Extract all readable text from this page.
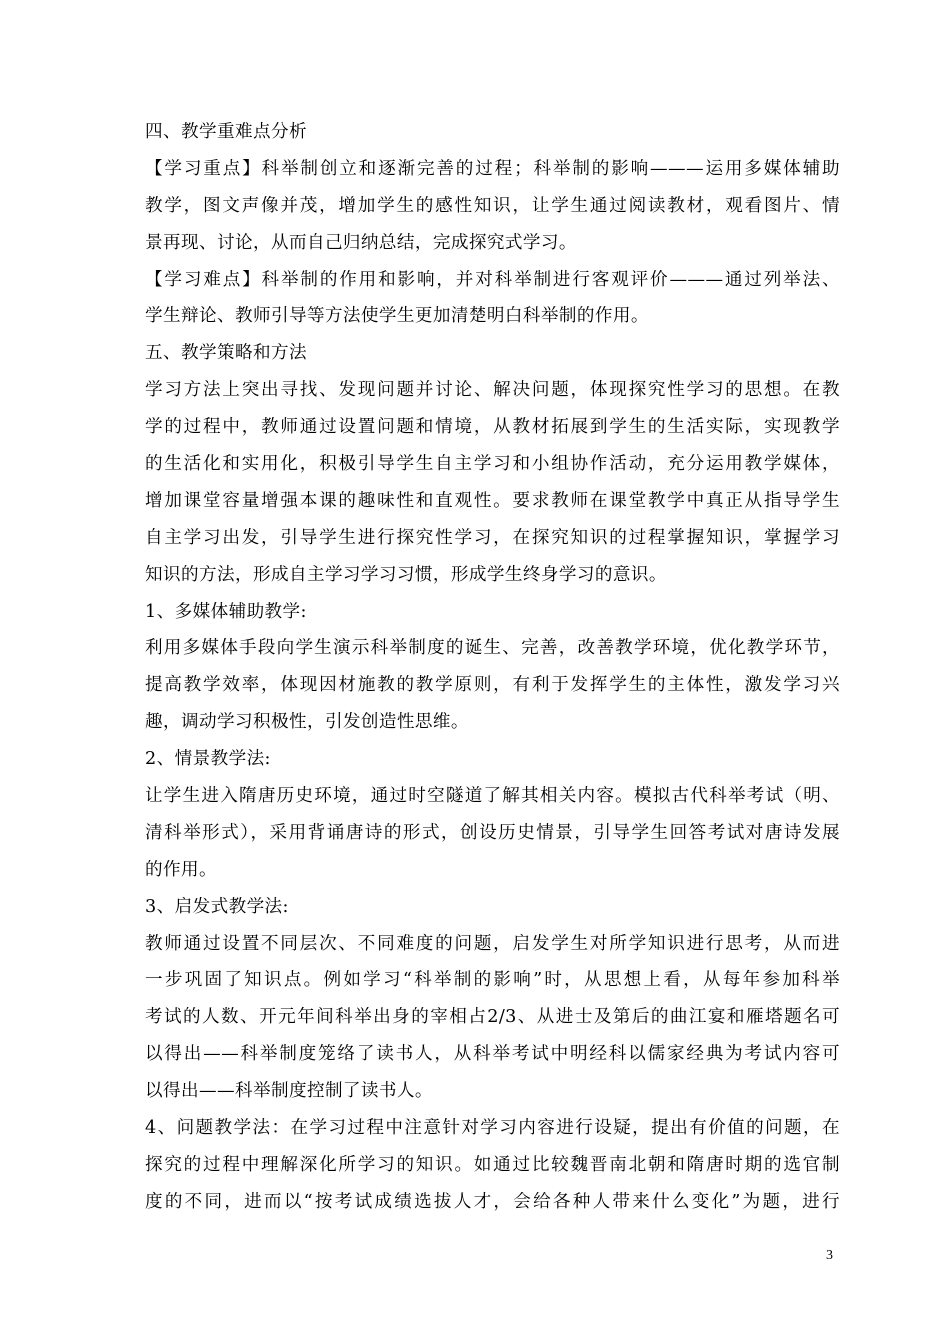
四、教学重难点分析
【学习重点】科举制创立和逐渐完善的过程；科举制的影响———运用多媒体辅助
教学，图文声像并茂，增加学生的感性知识，让学生通过阅读教材，观看图片、情
景再现、讨论，从而自己归纳总结，完成探究式学习。
【学习难点】科举制的作用和影响，并对科举制进行客观评价———通过列举法、
学生辩论、教师引导等方法使学生更加清楚明白科举制的作用。
五、教学策略和方法
学习方法上突出寻找、发现问题并讨论、解决问题，体现探究性学习的思想。在教
学的过程中，教师通过设置问题和情境，从教材拓展到学生的生活实际，实现教学
的生活化和实用化，积极引导学生自主学习和小组协作活动，充分运用教学媒体，
增加课堂容量增强本课的趣味性和直观性。要求教师在课堂教学中真正从指导学生
自主学习出发，引导学生进行探究性学习，在探究知识的过程掌握知识，掌握学习
知识的方法，形成自主学习学习习惯，形成学生终身学习的意识。
1、多媒体辅助教学:
利用多媒体手段向学生演示科举制度的诞生、完善，改善教学环境，优化教学环节，
提高教学效率，体现因材施教的教学原则，有利于发挥学生的主体性，激发学习兴
趣，调动学习积极性，引发创造性思维。
2、情景教学法:
让学生进入隋唐历史环境，通过时空隧道了解其相关内容。模拟古代科举考试（明、
清科举形式），采用背诵唐诗的形式，创设历史情景，引导学生回答考试对唐诗发展
的作用。
3、启发式教学法:
教师通过设置不同层次、不同难度的问题，启发学生对所学知识进行思考，从而进
一步巩固了知识点。例如学习“科举制的影响”时，从思想上看，从每年参加科举
考试的人数、开元年间科举出身的宰相占2/3、从进士及第后的曲江宴和雁塔题名可
以得出——科举制度笼络了读书人，从科举考试中明经科以儒家经典为考试内容可
以得出——科举制度控制了读书人。
4、问题教学法：在学习过程中注意针对学习内容进行设疑，提出有价值的问题，在
探究的过程中理解深化所学习的知识。如通过比较魏晋南北朝和隋唐时期的选官制
度的不同，进而以“按考试成绩选拔人才，会给各种人带来什么变化”为题，进行
3
